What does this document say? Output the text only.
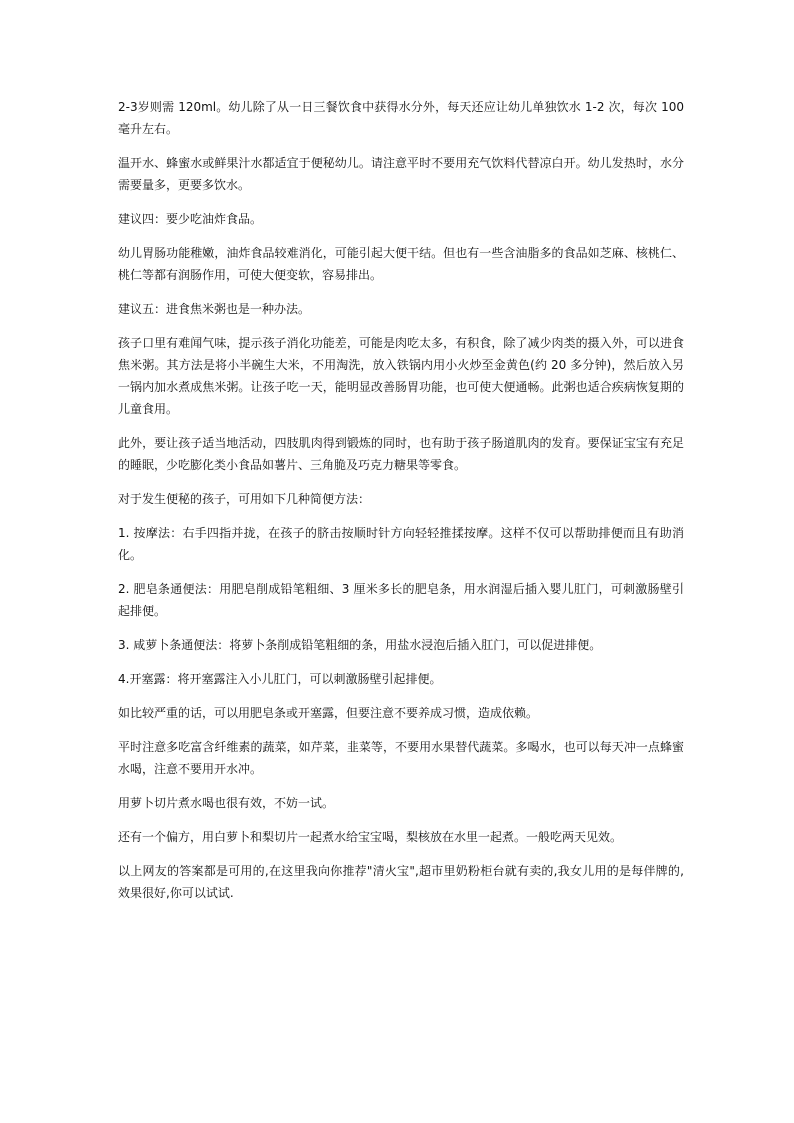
2-3岁则需 120ml。幼儿除了从一日三餐饮食中获得水分外，每天还应让幼儿单独饮水 1-2 次，每次 100 毫升左右。

温开水、蜂蜜水或鲜果汁水都适宜于便秘幼儿。请注意平时不要用充气饮料代替凉白开。幼儿发热时，水分需要量多，更要多饮水。

建议四：要少吃油炸食品。

幼儿胃肠功能稚嫩，油炸食品较难消化，可能引起大便干结。但也有一些含油脂多的食品如芝麻、核桃仁、桃仁等都有润肠作用，可使大便变软，容易排出。

建议五：进食焦米粥也是一种办法。

孩子口里有难闻气味，提示孩子消化功能差，可能是肉吃太多，有积食，除了减少肉类的摄入外，可以进食焦米粥。其方法是将小半碗生大米，不用淘洗，放入铁锅内用小火炒至金黄色(约 20 多分钟)，然后放入另一锅内加水煮成焦米粥。让孩子吃一天，能明显改善肠胃功能，也可使大便通畅。此粥也适合疾病恢复期的儿童食用。

此外，要让孩子适当地活动，四肢肌肉得到锻炼的同时，也有助于孩子肠道肌肉的发育。要保证宝宝有充足的睡眠，少吃膨化类小食品如薯片、三角脆及巧克力糖果等零食。

对于发生便秘的孩子，可用如下几种简便方法：

1. 按摩法：右手四指并拢，在孩子的脐击按顺时针方向轻轻推揉按摩。这样不仅可以帮助排便而且有助消化。

2. 肥皂条通便法：用肥皂削成铅笔粗细、3 厘米多长的肥皂条，用水润湿后插入婴儿肛门，可刺激肠壁引起排便。

3. 咸萝卜条通便法：将萝卜条削成铅笔粗细的条，用盐水浸泡后插入肛门，可以促进排便。

4.开塞露：将开塞露注入小儿肛门，可以刺激肠壁引起排便。

如比较严重的话，可以用肥皂条或开塞露，但要注意不要养成习惯，造成依赖。

平时注意多吃富含纤维素的蔬菜，如芹菜，韭菜等，不要用水果替代蔬菜。多喝水，也可以每天冲一点蜂蜜水喝，注意不要用开水冲。

用萝卜切片煮水喝也很有效，不妨一试。

还有一个偏方，用白萝卜和梨切片一起煮水给宝宝喝，梨核放在水里一起煮。一般吃两天见效。

以上网友的答案都是可用的,在这里我向你推荐"清火宝",超市里奶粉柜台就有卖的,我女儿用的是每伴牌的,效果很好,你可以试试.
